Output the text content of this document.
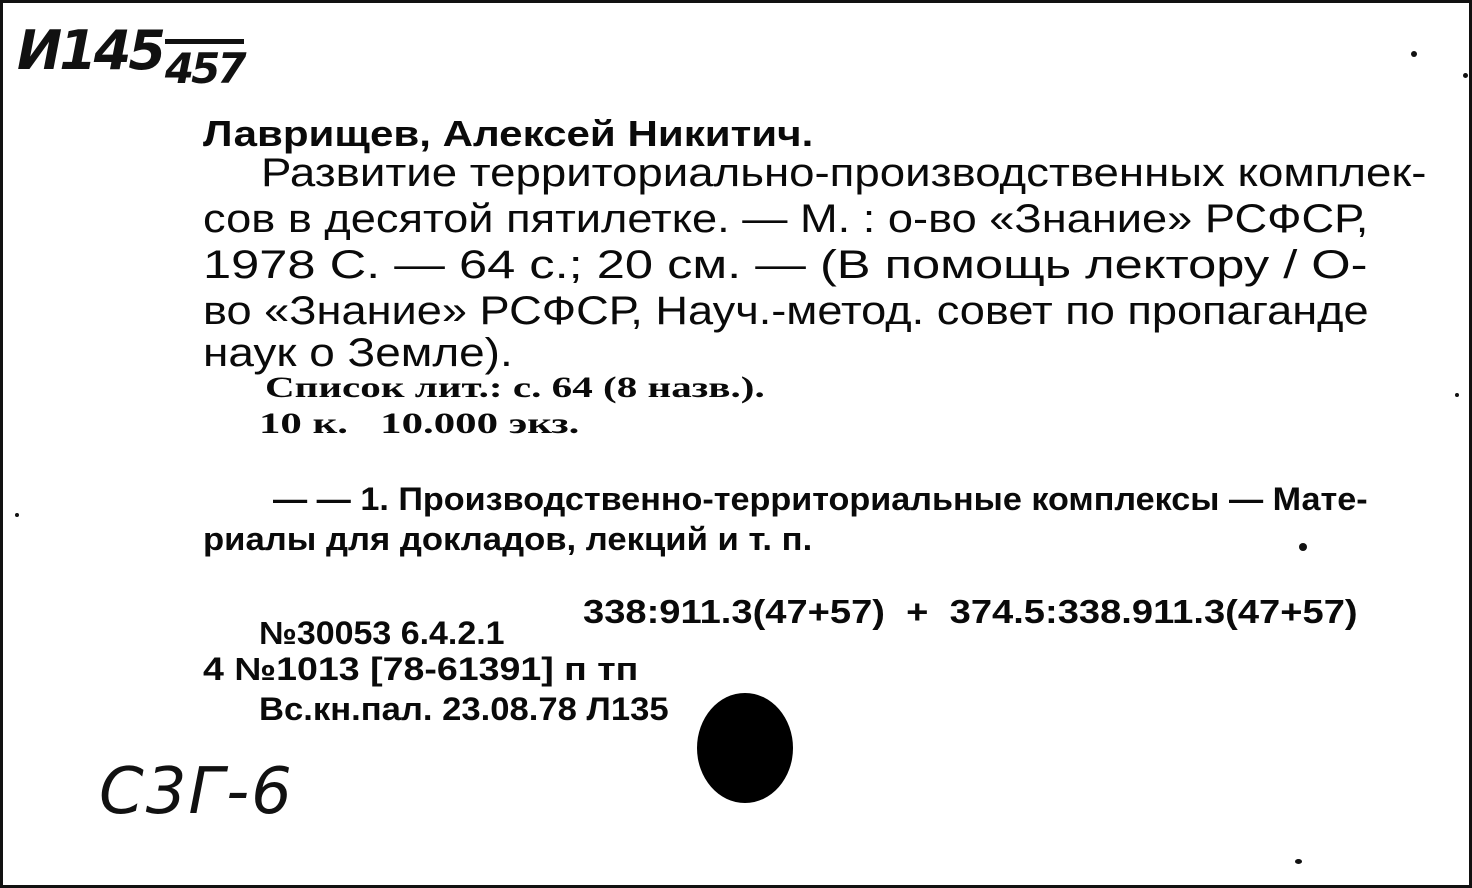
$И145_{457}$
Лаврищев, Алексей Никитич.
Развитие территориально-производственных комплек-
сов в десятой пятилетке. — М. : о-во «Знание» РСФСР,
1978 С. — 64 с.; 20 см. — (В помощь лектору / О-
во «Знание» РСФСР, Науч.-метод. совет по пропаганде
наук о Земле).
Список лит.: с. 64 (8 назв.).
10 к.   10.000 экз.
— — 1. Производственно-территориальные комплексы — Мате-
риалы для докладов, лекций и т. п.
338:911.3(47+57)  +  374.5:338.911.3(47+57)
№30053 6.4.2.1
4 №1013 [78-61391] п тп
Вс.кн.пал. 23.08.78 Л135
С3Г-6
